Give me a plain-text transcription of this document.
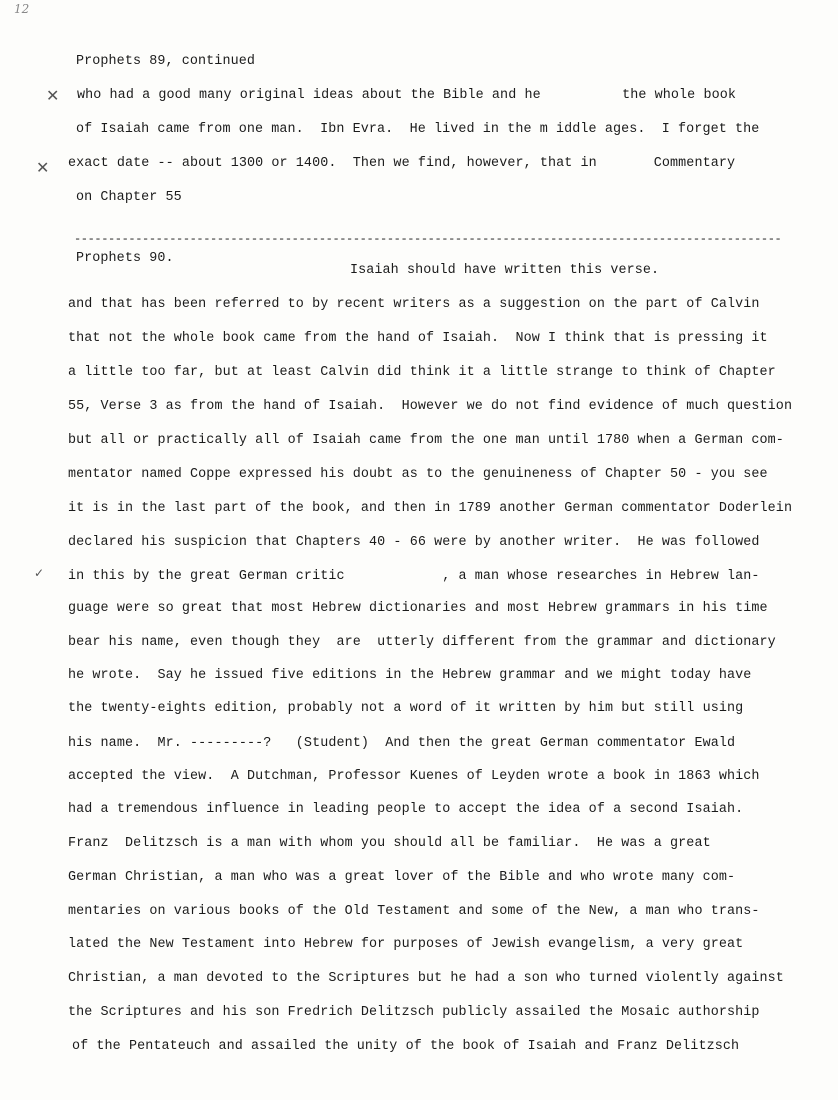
12
✕
✕
✓
Prophets 89, continued
who had a good many original ideas about the Bible and he          the whole book
of Isaiah came from one man.  Ibn Evra.  He lived in the m iddle ages.  I forget the
exact date -- about 1300 or 1400.  Then we find, however, that in       Commentary
on Chapter 55
--------------------------------------------------------------------------------------------------------
Prophets 90.
Isaiah should have written this verse.
and that has been referred to by recent writers as a suggestion on the part of Calvin
that not the whole book came from the hand of Isaiah.  Now I think that is pressing it
a little too far, but at least Calvin did think it a little strange to think of Chapter
55, Verse 3 as from the hand of Isaiah.  However we do not find evidence of much question
but all or practically all of Isaiah came from the one man until 1780 when a German com-
mentator named Coppe expressed his doubt as to the genuineness of Chapter 50 - you see
it is in the last part of the book, and then in 1789 another German commentator Doderlein
declared his suspicion that Chapters 40 - 66 were by another writer.  He was followed
in this by the great German critic            , a man whose researches in Hebrew lan-
guage were so great that most Hebrew dictionaries and most Hebrew grammars in his time
bear his name, even though they  are  utterly different from the grammar and dictionary
he wrote.  Say he issued five editions in the Hebrew grammar and we might today have
the twenty-eights edition, probably not a word of it written by him but still using
his name.  Mr. ---------?   (Student)  And then the great German commentator Ewald
accepted the view.  A Dutchman, Professor Kuenes of Leyden wrote a book in 1863 which
had a tremendous influence in leading people to accept the idea of a second Isaiah.
Franz  Delitzsch is a man with whom you should all be familiar.  He was a great
German Christian, a man who was a great lover of the Bible and who wrote many com-
mentaries on various books of the Old Testament and some of the New, a man who trans-
lated the New Testament into Hebrew for purposes of Jewish evangelism, a very great
Christian, a man devoted to the Scriptures but he had a son who turned violently against
the Scriptures and his son Fredrich Delitzsch publicly assailed the Mosaic authorship
of the Pentateuch and assailed the unity of the book of Isaiah and Franz Delitzsch
